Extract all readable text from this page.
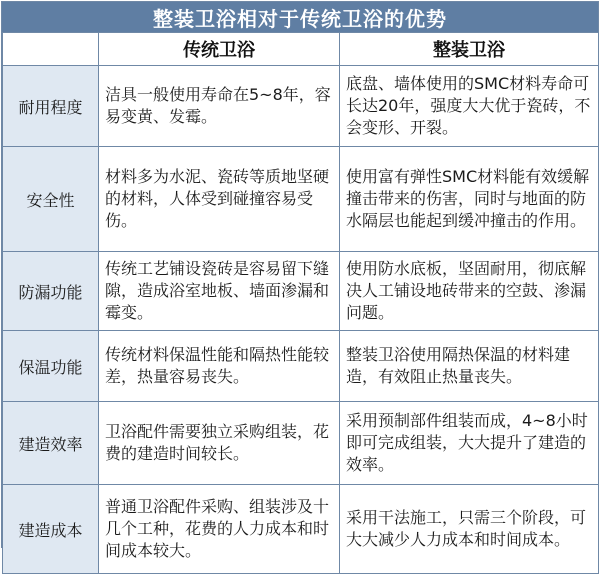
整装卫浴相对于传统卫浴的优势
	传统卫浴	整装卫浴
耐用程度	洁具一般使用寿命在5~8年，容易变黄、发霉。	底盘、墙体使用的SMC材料寿命可长达20年，强度大大优于瓷砖，不会变形、开裂。
安全性	材料多为水泥、瓷砖等质地坚硬的材料，人体受到碰撞容易受伤。	使用富有弹性SMC材料能有效缓解撞击带来的伤害，同时与地面的防水隔层也能起到缓冲撞击的作用。
防漏功能	传统工艺铺设瓷砖是容易留下缝隙，造成浴室地板、墙面渗漏和霉变。	使用防水底板，坚固耐用，彻底解决人工铺设地砖带来的空鼓、渗漏问题。
保温功能	传统材料保温性能和隔热性能较差，热量容易丧失。	整装卫浴使用隔热保温的材料建造，有效阻止热量丧失。
建造效率	卫浴配件需要独立采购组装，花费的建造时间较长。	采用预制部件组装而成，4~8小时即可完成组装，大大提升了建造的效率。
建造成本	普通卫浴配件采购、组装涉及十几个工种，花费的人力成本和时间成本较大。	采用干法施工，只需三个阶段，可大大减少人力成本和时间成本。
